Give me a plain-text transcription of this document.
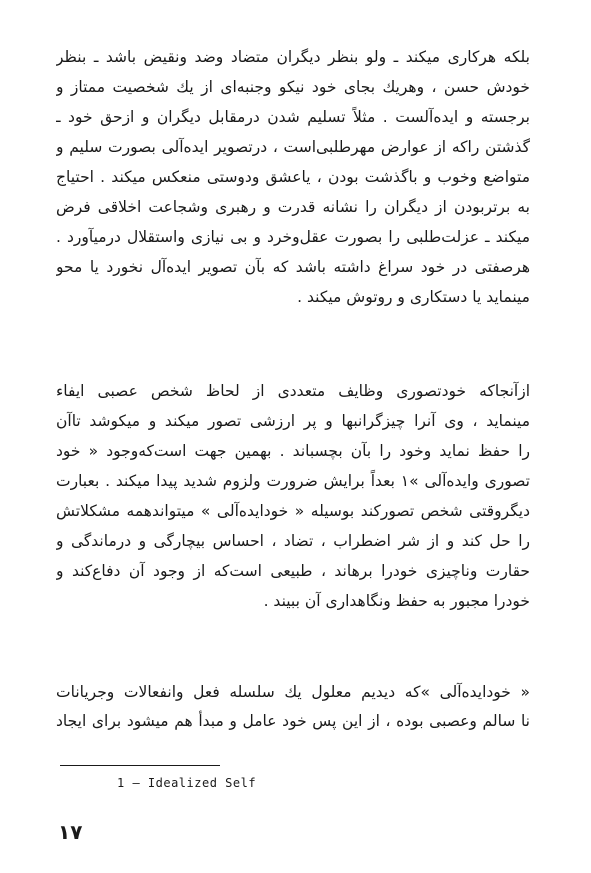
بلکه هرکاری میکند ـ ولو بنظر دیگران متضاد وضد ونقیض باشد ـ بنظر
خودش حسن ، وهریك بجای خود نیکو وجنبه‌ای از یك شخصیت ممتاز و
برجسته و ایده‌آلست . مثلاً تسلیم شدن درمقابل دیگران و ازحق خود ـ
گذشتن راکه از عوارض مهرطلبی‌است ، درتصویر ایده‌آلی بصورت سلیم و
متواضع وخوب و باگذشت بودن ، یاعشق ودوستی منعکس میکند . احتیاج
به برتربودن از دیگران را نشانه قدرت و رهبری وشجاعت اخلاقی فرض
میکند ـ عزلت‌طلبی را بصورت عقل‌وخرد و بی نیازی واستقلال درمیآورد .
هرصفتی در خود سراغ داشته باشد که بآن تصویر ایده‌آل نخورد یا محو
مینماید یا دستکاری و روتوش میکند .
ازآنجاکه خودتصوری وظایف متعددی از لحاظ شخص عصبی ایفاء
مینماید ، وی آنرا چیزگرانبها و پر ارزشی تصور میکند و میکوشد تاآن
را حفظ نماید وخود را بآن بچسباند . بهمین جهت است‌که‌وجود « خود
تصوری وایده‌آلی »۱ بعداً برایش ضرورت ولزوم شدید پیدا میکند . بعبارت
دیگروقتی شخص تصورکند بوسیله « خودایده‌آلی » میتواندهمه مشکلاتش
را حل کند و از شر اضطراب ، تضاد ، احساس بیچارگی و درماندگی و
حقارت وناچیزی خودرا برهاند ، طبیعی است‌که از وجود آن دفاع‌کند و
خودرا مجبور به حفظ ونگاهداری آن ببیند .
« خودایده‌آلی »که دیدیم معلول یك سلسله فعل وانفعالات وجریانات
نا سالم وعصبی بوده ، از این پس خود عامل و مبدأ هم میشود برای ایجاد
1 – Idealized Self
۱۷
